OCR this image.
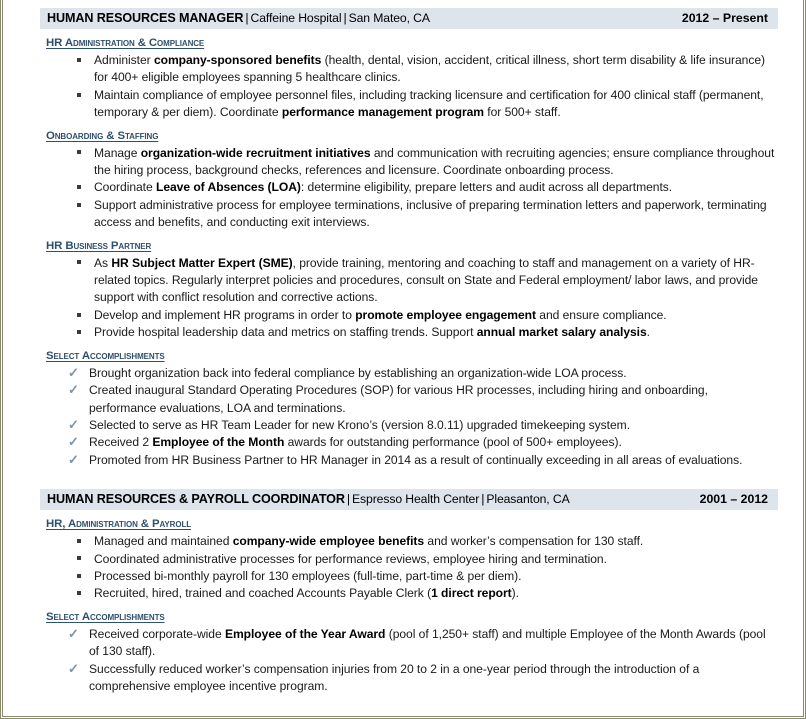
HUMAN RESOURCES MANAGER | Caffeine Hospital | San Mateo, CA	2012 – Present
HR Administration & Compliance
Administer company-sponsored benefits (health, dental, vision, accident, critical illness, short term disability & life insurance) for 400+ eligible employees spanning 5 healthcare clinics.
Maintain compliance of employee personnel files, including tracking licensure and certification for 400 clinical staff (permanent, temporary & per diem). Coordinate performance management program for 500+ staff.
Onboarding & Staffing
Manage organization-wide recruitment initiatives and communication with recruiting agencies; ensure compliance throughout the hiring process, background checks, references and licensure. Coordinate onboarding process.
Coordinate Leave of Absences (LOA): determine eligibility, prepare letters and audit across all departments.
Support administrative process for employee terminations, inclusive of preparing termination letters and paperwork, terminating access and benefits, and conducting exit interviews.
HR Business Partner
As HR Subject Matter Expert (SME), provide training, mentoring and coaching to staff and management on a variety of HR-related topics. Regularly interpret policies and procedures, consult on State and Federal employment/ labor laws, and provide support with conflict resolution and corrective actions.
Develop and implement HR programs in order to promote employee engagement and ensure compliance.
Provide hospital leadership data and metrics on staffing trends. Support annual market salary analysis.
Select Accomplishments
✓ Brought organization back into federal compliance by establishing an organization-wide LOA process.
✓ Created inaugural Standard Operating Procedures (SOP) for various HR processes, including hiring and onboarding, performance evaluations, LOA and terminations.
✓ Selected to serve as HR Team Leader for new Krono’s (version 8.0.11) upgraded timekeeping system.
✓ Received 2 Employee of the Month awards for outstanding performance (pool of 500+ employees).
✓ Promoted from HR Business Partner to HR Manager in 2014 as a result of continually exceeding in all areas of evaluations.
HUMAN RESOURCES & PAYROLL COORDINATOR | Espresso Health Center | Pleasanton, CA	2001 – 2012
HR, Administration & Payroll
Managed and maintained company-wide employee benefits and worker’s compensation for 130 staff.
Coordinated administrative processes for performance reviews, employee hiring and termination.
Processed bi-monthly payroll for 130 employees (full-time, part-time & per diem).
Recruited, hired, trained and coached Accounts Payable Clerk (1 direct report).
Select Accomplishments
✓ Received corporate-wide Employee of the Year Award (pool of 1,250+ staff) and multiple Employee of the Month Awards (pool of 130 staff).
✓ Successfully reduced worker’s compensation injuries from 20 to 2 in a one-year period through the introduction of a comprehensive employee incentive program.
